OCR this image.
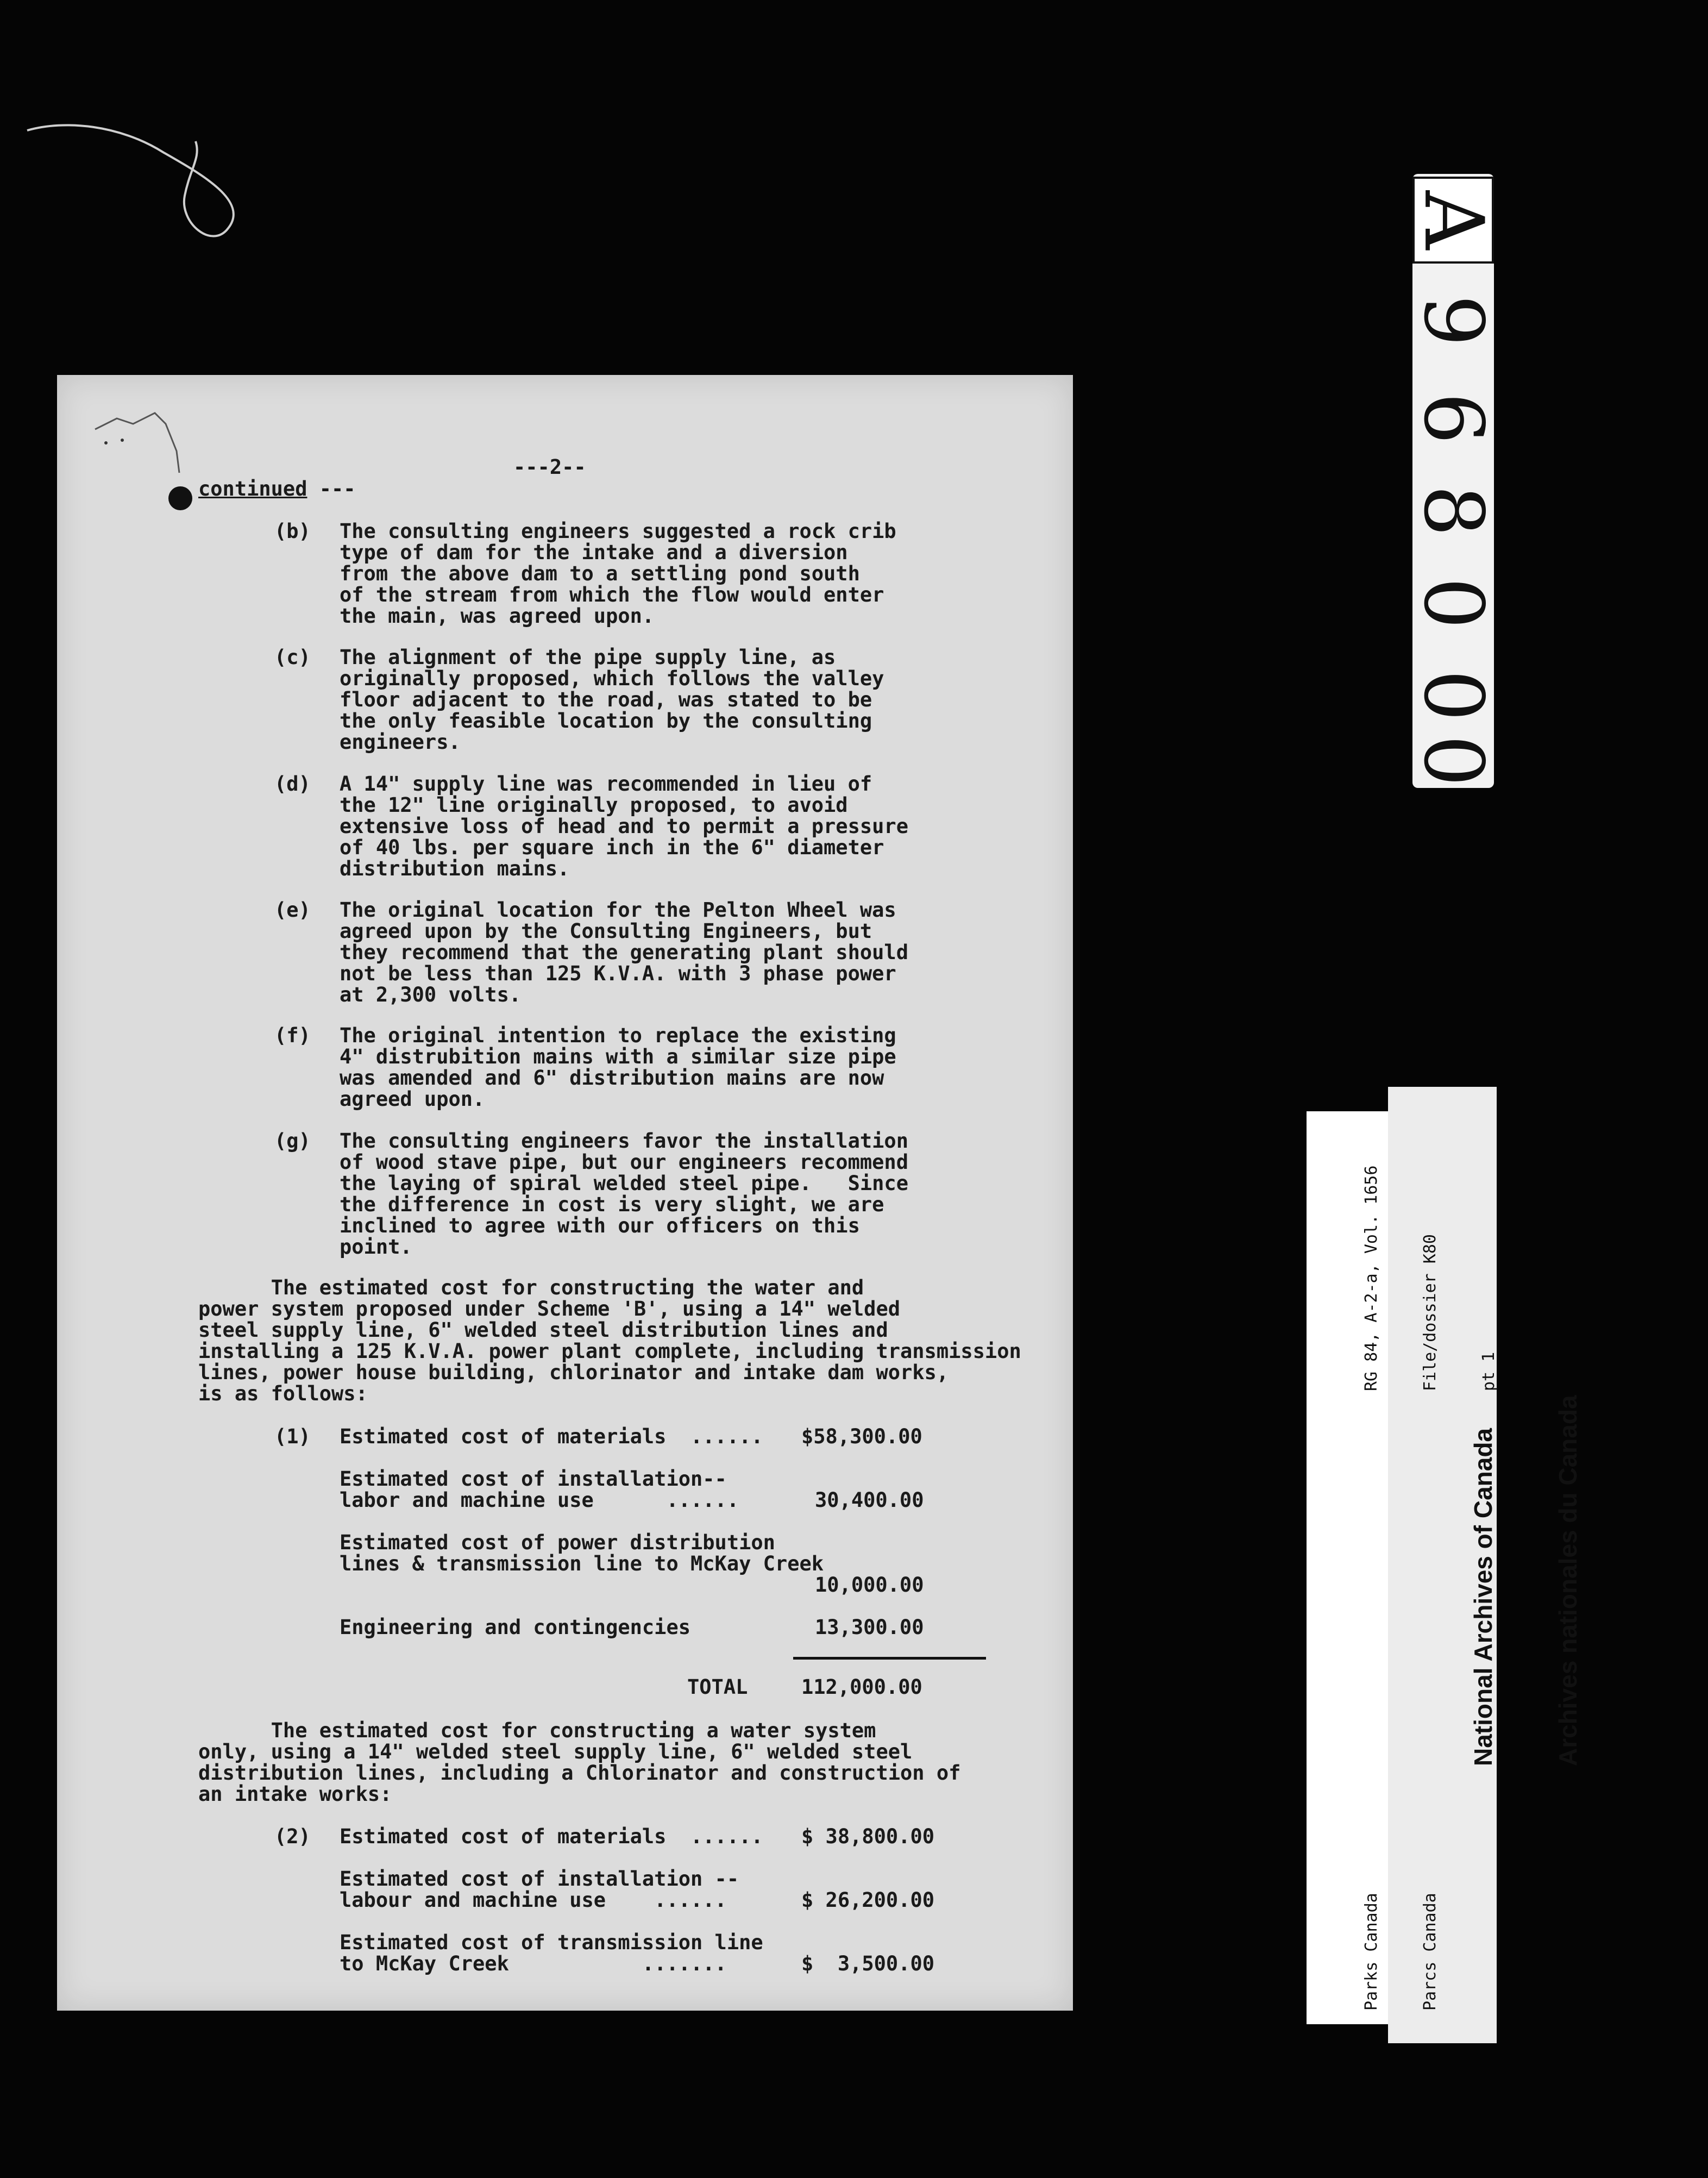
A
9
6
8
0
0
0

RG 84, A-2-a, Vol. 1656

File/dossier K80

pt 1

Parks Canada

Parcs Canada

National Archives of Canada

Archives nationales du Canada

---2--
continued ---
(b) The consulting engineers suggested a rock crib
type of dam for the intake and a diversion
from the above dam to a settling pond south
of the stream from which the flow would enter
the main, was agreed upon.
(c) The alignment of the pipe supply line, as
originally proposed, which follows the valley
floor adjacent to the road, was stated to be
the only feasible location by the consulting
engineers.
(d) A 14" supply line was recommended in lieu of
the 12" line originally proposed, to avoid
extensive loss of head and to permit a pressure
of 40 lbs. per square inch in the 6" diameter
distribution mains.
(e) The original location for the Pelton Wheel was
agreed upon by the Consulting Engineers, but
they recommend that the generating plant should
not be less than 125 K.V.A. with 3 phase power
at 2,300 volts.
(f) The original intention to replace the existing
4" distrubition mains with a similar size pipe
was amended and 6" distribution mains are now
agreed upon.
(g) The consulting engineers favor the installation
of wood stave pipe, but our engineers recommend
the laying of spiral welded steel pipe.   Since
the difference in cost is very slight, we are
inclined to agree with our officers on this
point.
The estimated cost for constructing the water and
power system proposed under Scheme 'B', using a 14" welded
steel supply line, 6" welded steel distribution lines and
installing a 125 K.V.A. power plant complete, including transmission
lines, power house building, chlorinator and intake dam works,
is as follows:
(1) Estimated cost of materials  ...... $58,300.00
Estimated cost of installation--
labor and machine use      ......	30,400.00
Estimated cost of power distribution
lines & transmission line to McKay Creek
10,000.00
Engineering and contingencies	13,300.00
TOTAL	112,000.00
The estimated cost for constructing a water system
only, using a 14" welded steel supply line, 6" welded steel
distribution lines, including a Chlorinator and construction of
an intake works:
(2) Estimated cost of materials  ...... $ 38,800.00
Estimated cost of installation --
labour and machine use    ......	$ 26,200.00
Estimated cost of transmission line
to McKay Creek           .......	$  3,500.00
